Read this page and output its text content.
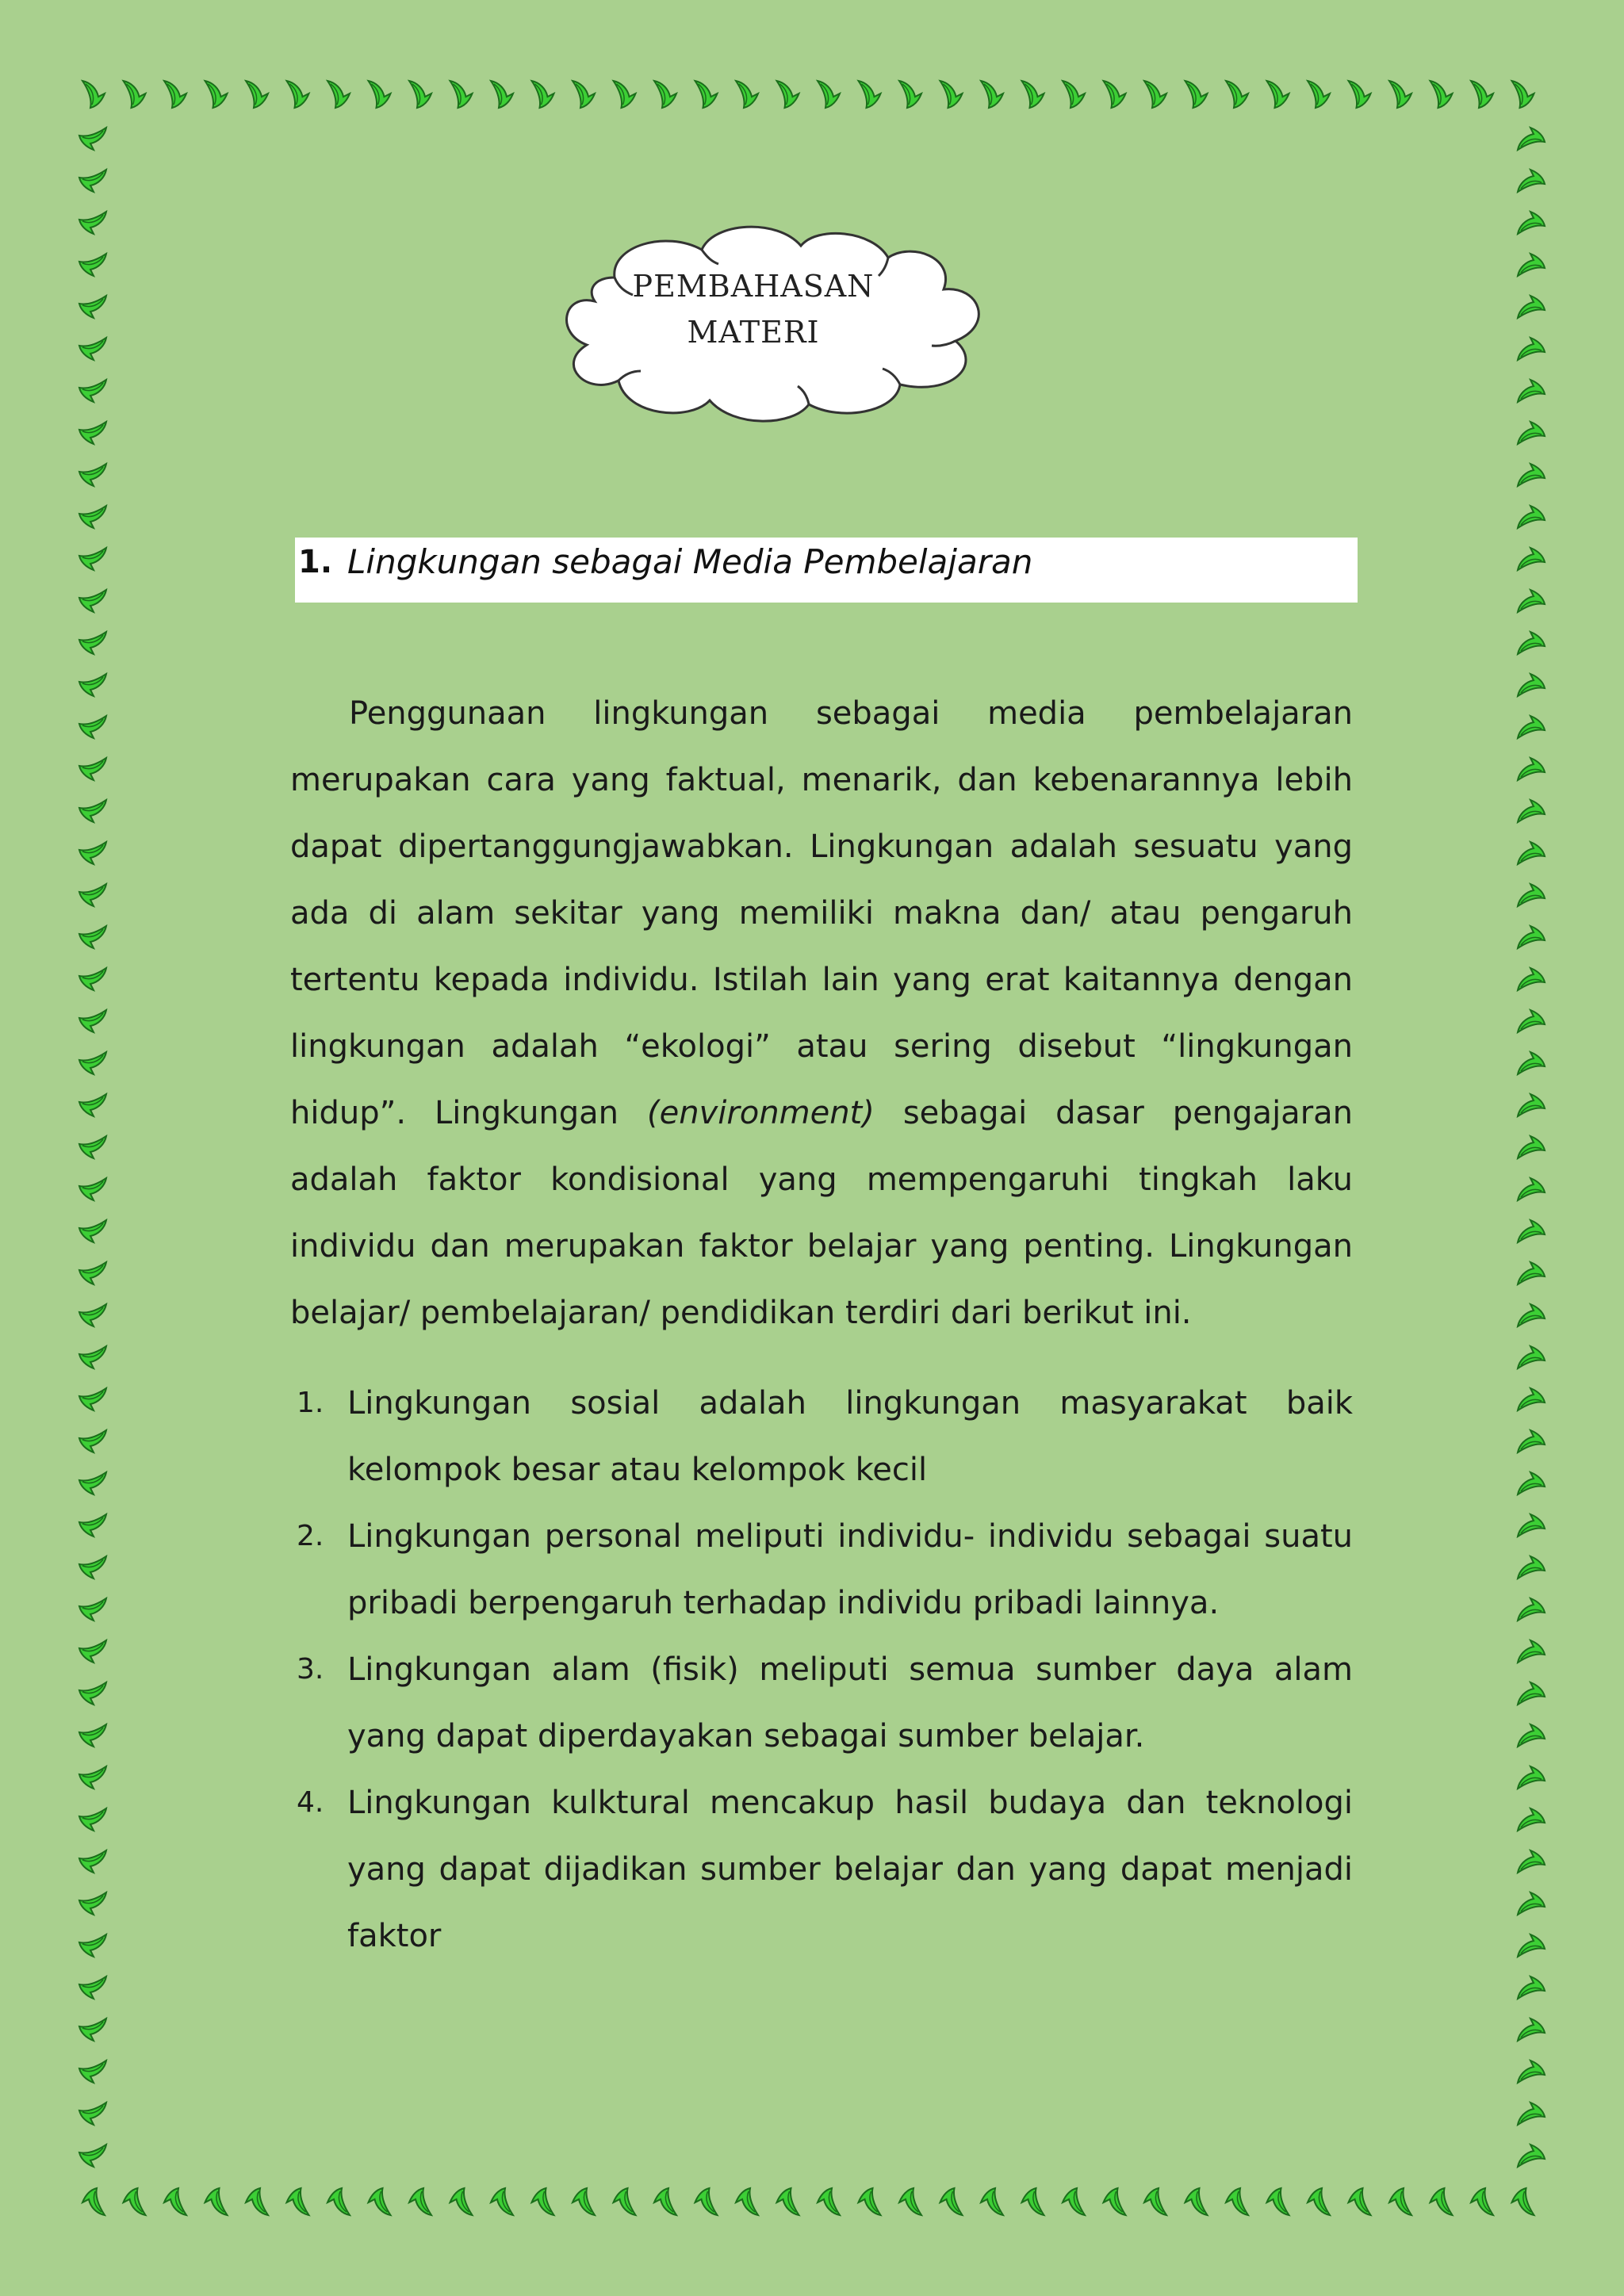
PEMBAHASAN
MATERI
1. Lingkungan sebagai Media Pembelajaran

Penggunaan lingkungan sebagai media pembelajaran merupakan cara yang faktual, menarik, dan kebenarannya lebih dapat dipertanggungjawabkan. Lingkungan adalah sesuatu yang ada di alam sekitar yang memiliki makna dan/ atau pengaruh tertentu kepada individu. Istilah lain yang erat kaitannya dengan lingkungan adalah “ekologi” atau sering disebut “lingkungan hidup”. Lingkungan (environment) sebagai dasar pengajaran adalah faktor kondisional yang mempengaruhi tingkah laku individu dan merupakan faktor belajar yang penting. Lingkungan belajar/ pembelajaran/ pendidikan terdiri dari berikut ini.

1. Lingkungan sosial adalah lingkungan masyarakat baik kelompok besar atau kelompok kecil
2. Lingkungan personal meliputi individu- individu sebagai suatu pribadi berpengaruh terhadap individu pribadi lainnya.
3. Lingkungan alam (fisik) meliputi semua sumber daya alam yang dapat diperdayakan sebagai sumber belajar.
4. Lingkungan kulktural mencakup hasil budaya dan teknologi yang dapat dijadikan sumber belajar dan yang dapat menjadi faktor
